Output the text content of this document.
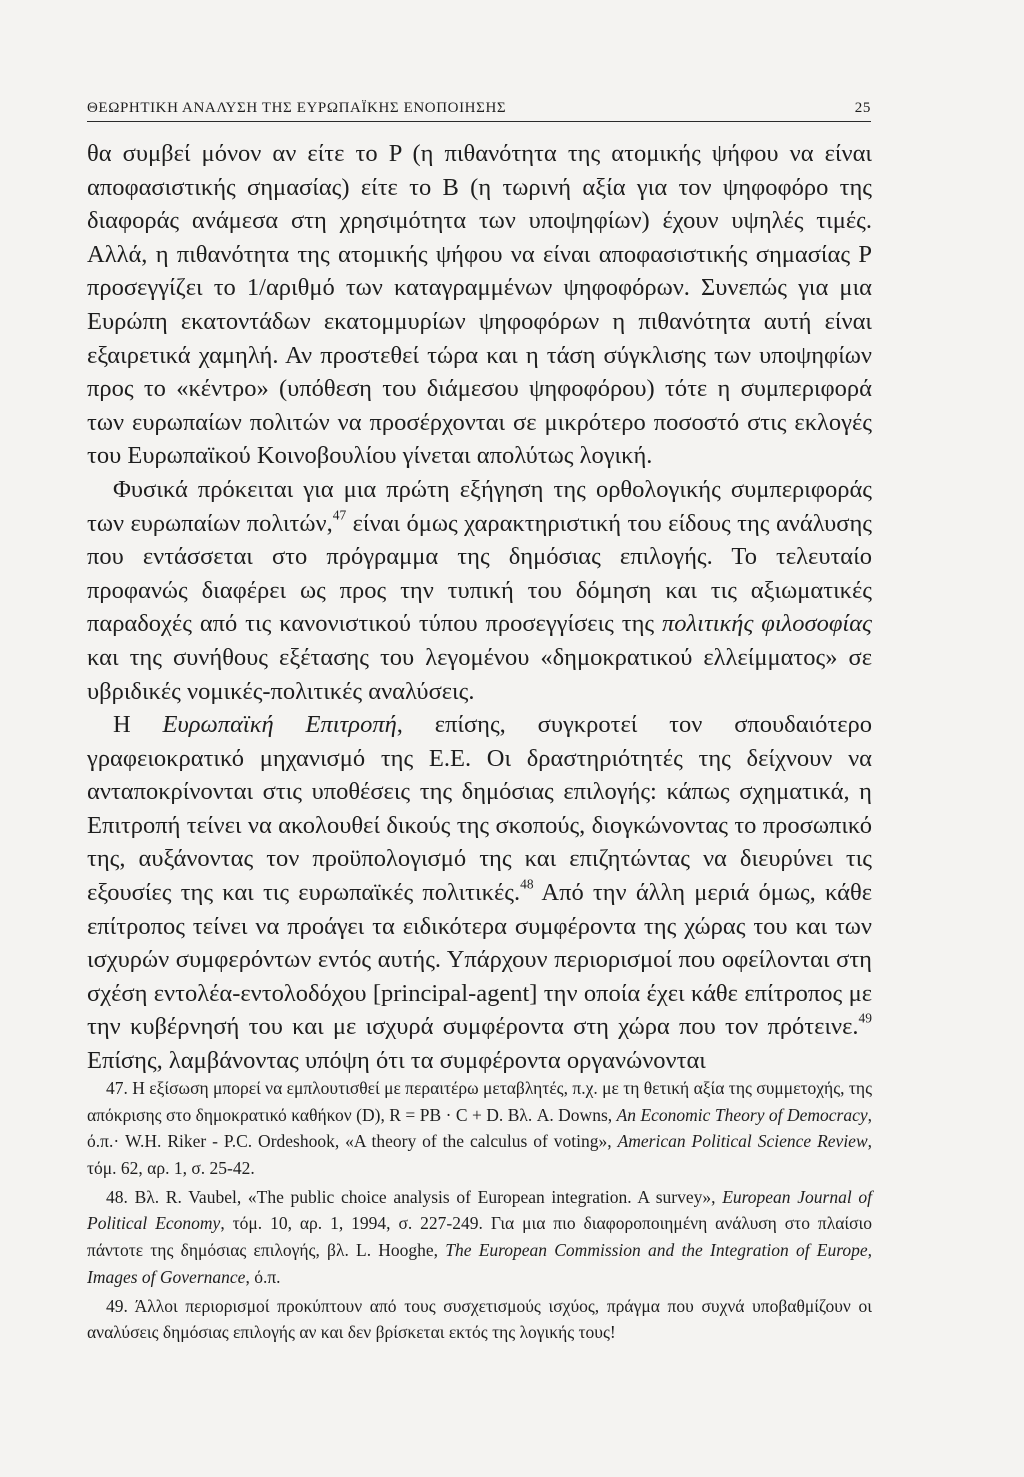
ΘΕΩΡΗΤΙΚΗ ΑΝΑΛΥΣΗ ΤΗΣ ΕΥΡΩΠΑΪΚΗΣ ΕΝΟΠΟΙΗΣΗΣ	25

θα συμβεί μόνον αν είτε το P (η πιθανότητα της ατομικής ψήφου να είναι αποφασιστικής σημασίας) είτε το B (η τωρινή αξία για τον ψηφοφόρο της διαφοράς ανάμεσα στη χρησιμότητα των υποψηφίων) έχουν υψηλές τιμές. Αλλά, η πιθανότητα της ατομικής ψήφου να είναι αποφασιστικής σημασίας P προσεγγίζει το 1/αριθμό των καταγραμμένων ψηφοφόρων. Συνεπώς για μια Ευρώπη εκατοντάδων εκατομμυρίων ψηφοφόρων η πιθανότητα αυτή είναι εξαιρετικά χαμηλή. Αν προστεθεί τώρα και η τάση σύγκλισης των υποψηφίων προς το «κέντρο» (υπόθεση του διάμεσου ψηφοφόρου) τότε η συμπεριφορά των ευρωπαίων πολιτών να προσέρχονται σε μικρότερο ποσοστό στις εκλογές του Ευρωπαϊκού Κοινοβουλίου γίνεται απολύτως λογική.

Φυσικά πρόκειται για μια πρώτη εξήγηση της ορθολογικής συμπεριφοράς των ευρωπαίων πολιτών,$^{47}$ είναι όμως χαρακτηριστική του είδους της ανάλυσης που εντάσσεται στο πρόγραμμα της δημόσιας επιλογής. Το τελευταίο προφανώς διαφέρει ως προς την τυπική του δόμηση και τις αξιωματικές παραδοχές από τις κανονιστικού τύπου προσεγγίσεις της πολιτικής φιλοσοφίας και της συνήθους εξέτασης του λεγομένου «δημοκρατικού ελλείμματος» σε υβριδικές νομικές-πολιτικές αναλύσεις.

Η Ευρωπαϊκή Επιτροπή, επίσης, συγκροτεί τον σπουδαιότερο γραφειοκρατικό μηχανισμό της Ε.Ε. Οι δραστηριότητές της δείχνουν να ανταποκρίνονται στις υποθέσεις της δημόσιας επιλογής: κάπως σχηματικά, η Επιτροπή τείνει να ακολουθεί δικούς της σκοπούς, διογκώνοντας το προσωπικό της, αυξάνοντας τον προϋπολογισμό της και επιζητώντας να διευρύνει τις εξουσίες της και τις ευρωπαϊκές πολιτικές.$^{48}$ Από την άλλη μεριά όμως, κάθε επίτροπος τείνει να προάγει τα ειδικότερα συμφέροντα της χώρας του και των ισχυρών συμφερόντων εντός αυτής. Υπάρχουν περιορισμοί που οφείλονται στη σχέση εντολέα-εντολοδόχου [principal-agent] την οποία έχει κάθε επίτροπος με την κυβέρνησή του και με ισχυρά συμφέροντα στη χώρα που τον πρότεινε.$^{49}$ Επίσης, λαμβάνοντας υπόψη ότι τα συμφέροντα οργανώνονται

47. Η εξίσωση μπορεί να εμπλουτισθεί με περαιτέρω μεταβλητές, π.χ. με τη θετική αξία της συμμετοχής, της απόκρισης στο δημοκρατικό καθήκον (D), R = PB · C + D. Βλ. A. Downs, An Economic Theory of Democracy, ό.π.· W.H. Riker - P.C. Ordeshook, «A theory of the calculus of voting», American Political Science Review, τόμ. 62, αρ. 1, σ. 25-42.

48. Βλ. R. Vaubel, «The public choice analysis of European integration. A survey», European Journal of Political Economy, τόμ. 10, αρ. 1, 1994, σ. 227-249. Για μια πιο διαφοροποιημένη ανάλυση στο πλαίσιο πάντοτε της δημόσιας επιλογής, βλ. L. Hooghe, The European Commission and the Integration of Europe, Images of Governance, ό.π.

49. Άλλοι περιορισμοί προκύπτουν από τους συσχετισμούς ισχύος, πράγμα που συχνά υποβαθμίζουν οι αναλύσεις δημόσιας επιλογής αν και δεν βρίσκεται εκτός της λογικής τους!
